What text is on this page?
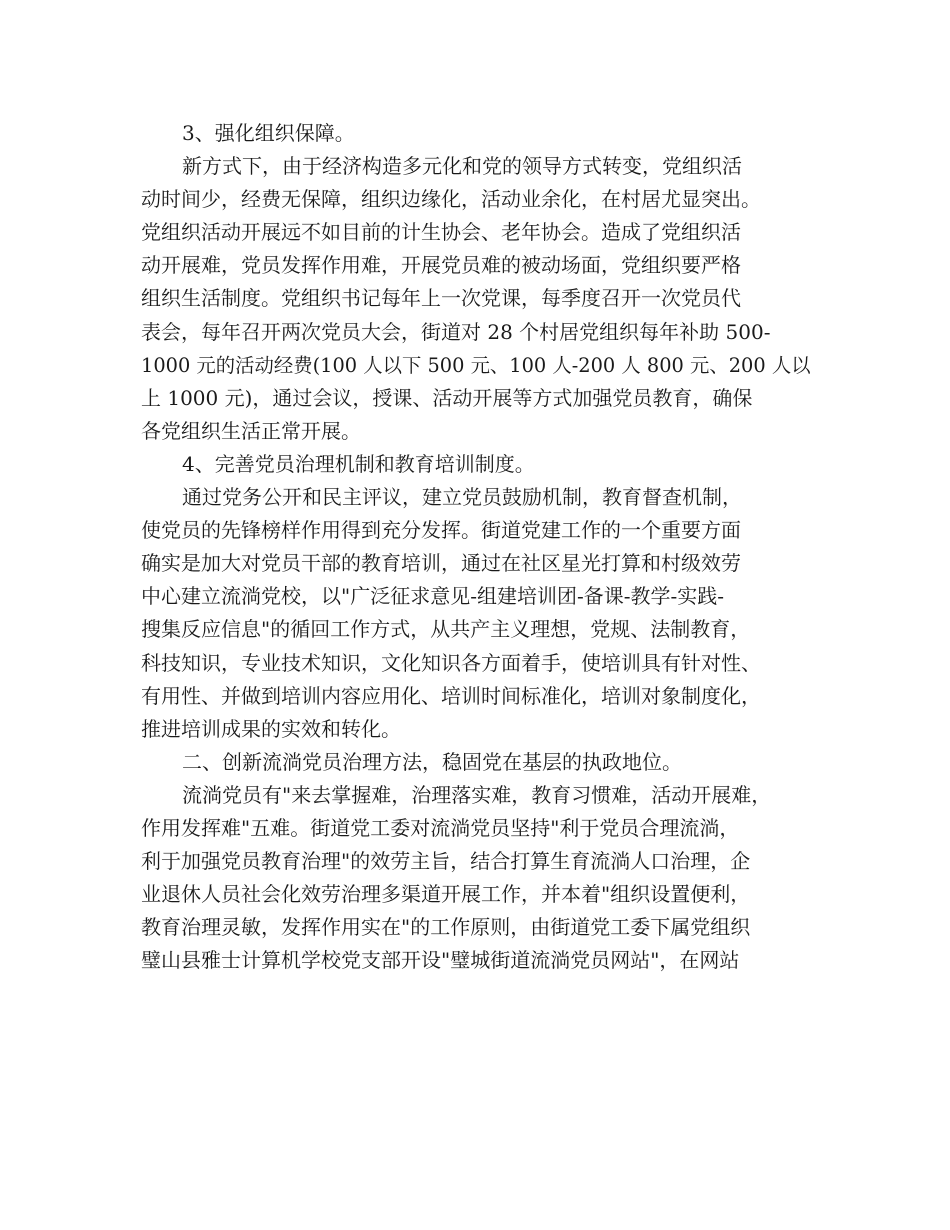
3、强化组织保障。
新方式下，由于经济构造多元化和党的领导方式转变，党组织活
动时间少，经费无保障，组织边缘化，活动业余化，在村居尤显突出。
党组织活动开展远不如目前的计生协会、老年协会。造成了党组织活
动开展难，党员发挥作用难，开展党员难的被动场面，党组织要严格
组织生活制度。党组织书记每年上一次党课，每季度召开一次党员代
表会，每年召开两次党员大会，街道对 28 个村居党组织每年补助 500-
1000 元的活动经费(100 人以下 500 元、100 人-200 人 800 元、200 人以
上 1000 元)，通过会议，授课、活动开展等方式加强党员教育，确保
各党组织生活正常开展。
4、完善党员治理机制和教育培训制度。
通过党务公开和民主评议，建立党员鼓励机制，教育督查机制，
使党员的先锋榜样作用得到充分发挥。街道党建工作的一个重要方面
确实是加大对党员干部的教育培训，通过在社区星光打算和村级效劳
中心建立流淌党校，以"广泛征求意见-组建培训团-备课-教学-实践-
搜集反应信息"的循回工作方式，从共产主义理想，党规、法制教育，
科技知识，专业技术知识，文化知识各方面着手，使培训具有针对性、
有用性、并做到培训内容应用化、培训时间标准化，培训对象制度化，
推进培训成果的实效和转化。
二、创新流淌党员治理方法，稳固党在基层的执政地位。
流淌党员有"来去掌握难，治理落实难，教育习惯难，活动开展难，
作用发挥难"五难。街道党工委对流淌党员坚持"利于党员合理流淌，
利于加强党员教育治理"的效劳主旨，结合打算生育流淌人口治理，企
业退休人员社会化效劳治理多渠道开展工作，并本着"组织设置便利，
教育治理灵敏，发挥作用实在"的工作原则，由街道党工委下属党组织
璧山县雅士计算机学校党支部开设"璧城街道流淌党员网站"，在网站
